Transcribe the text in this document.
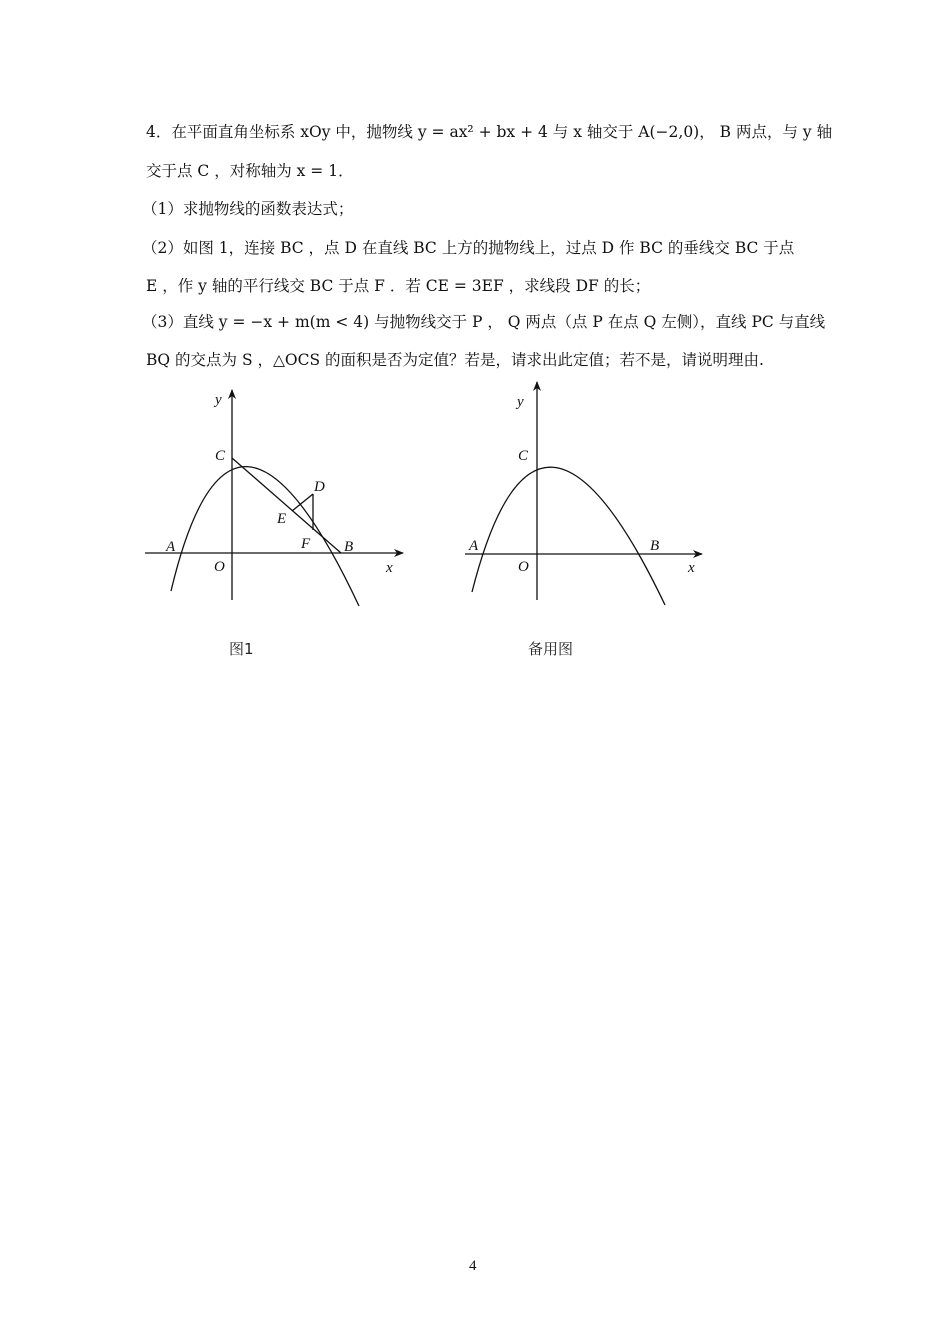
4．在平面直角坐标系 xOy 中，抛物线 y = ax² + bx + 4 与 x 轴交于 A(−2,0)， B 两点，与 y 轴
交于点 C ，对称轴为 x = 1．
（1）求抛物线的函数表达式；
（2）如图 1，连接 BC ，点 D 在直线 BC 上方的抛物线上，过点 D 作 BC 的垂线交 BC 于点
E ，作 y 轴的平行线交 BC 于点 F ．若 CE = 3EF ，求线段 DF 的长；
（3）直线 y = −x + m(m < 4) 与抛物线交于 P ， Q 两点（点 P 在点 Q 左侧），直线 PC 与直线
BQ 的交点为 S ，△OCS 的面积是否为定值？若是，请求出此定值；若不是，请说明理由.
y
x
O
A	B
C
D
E
F
y
x
O
A	B
C
图1	备用图
4
